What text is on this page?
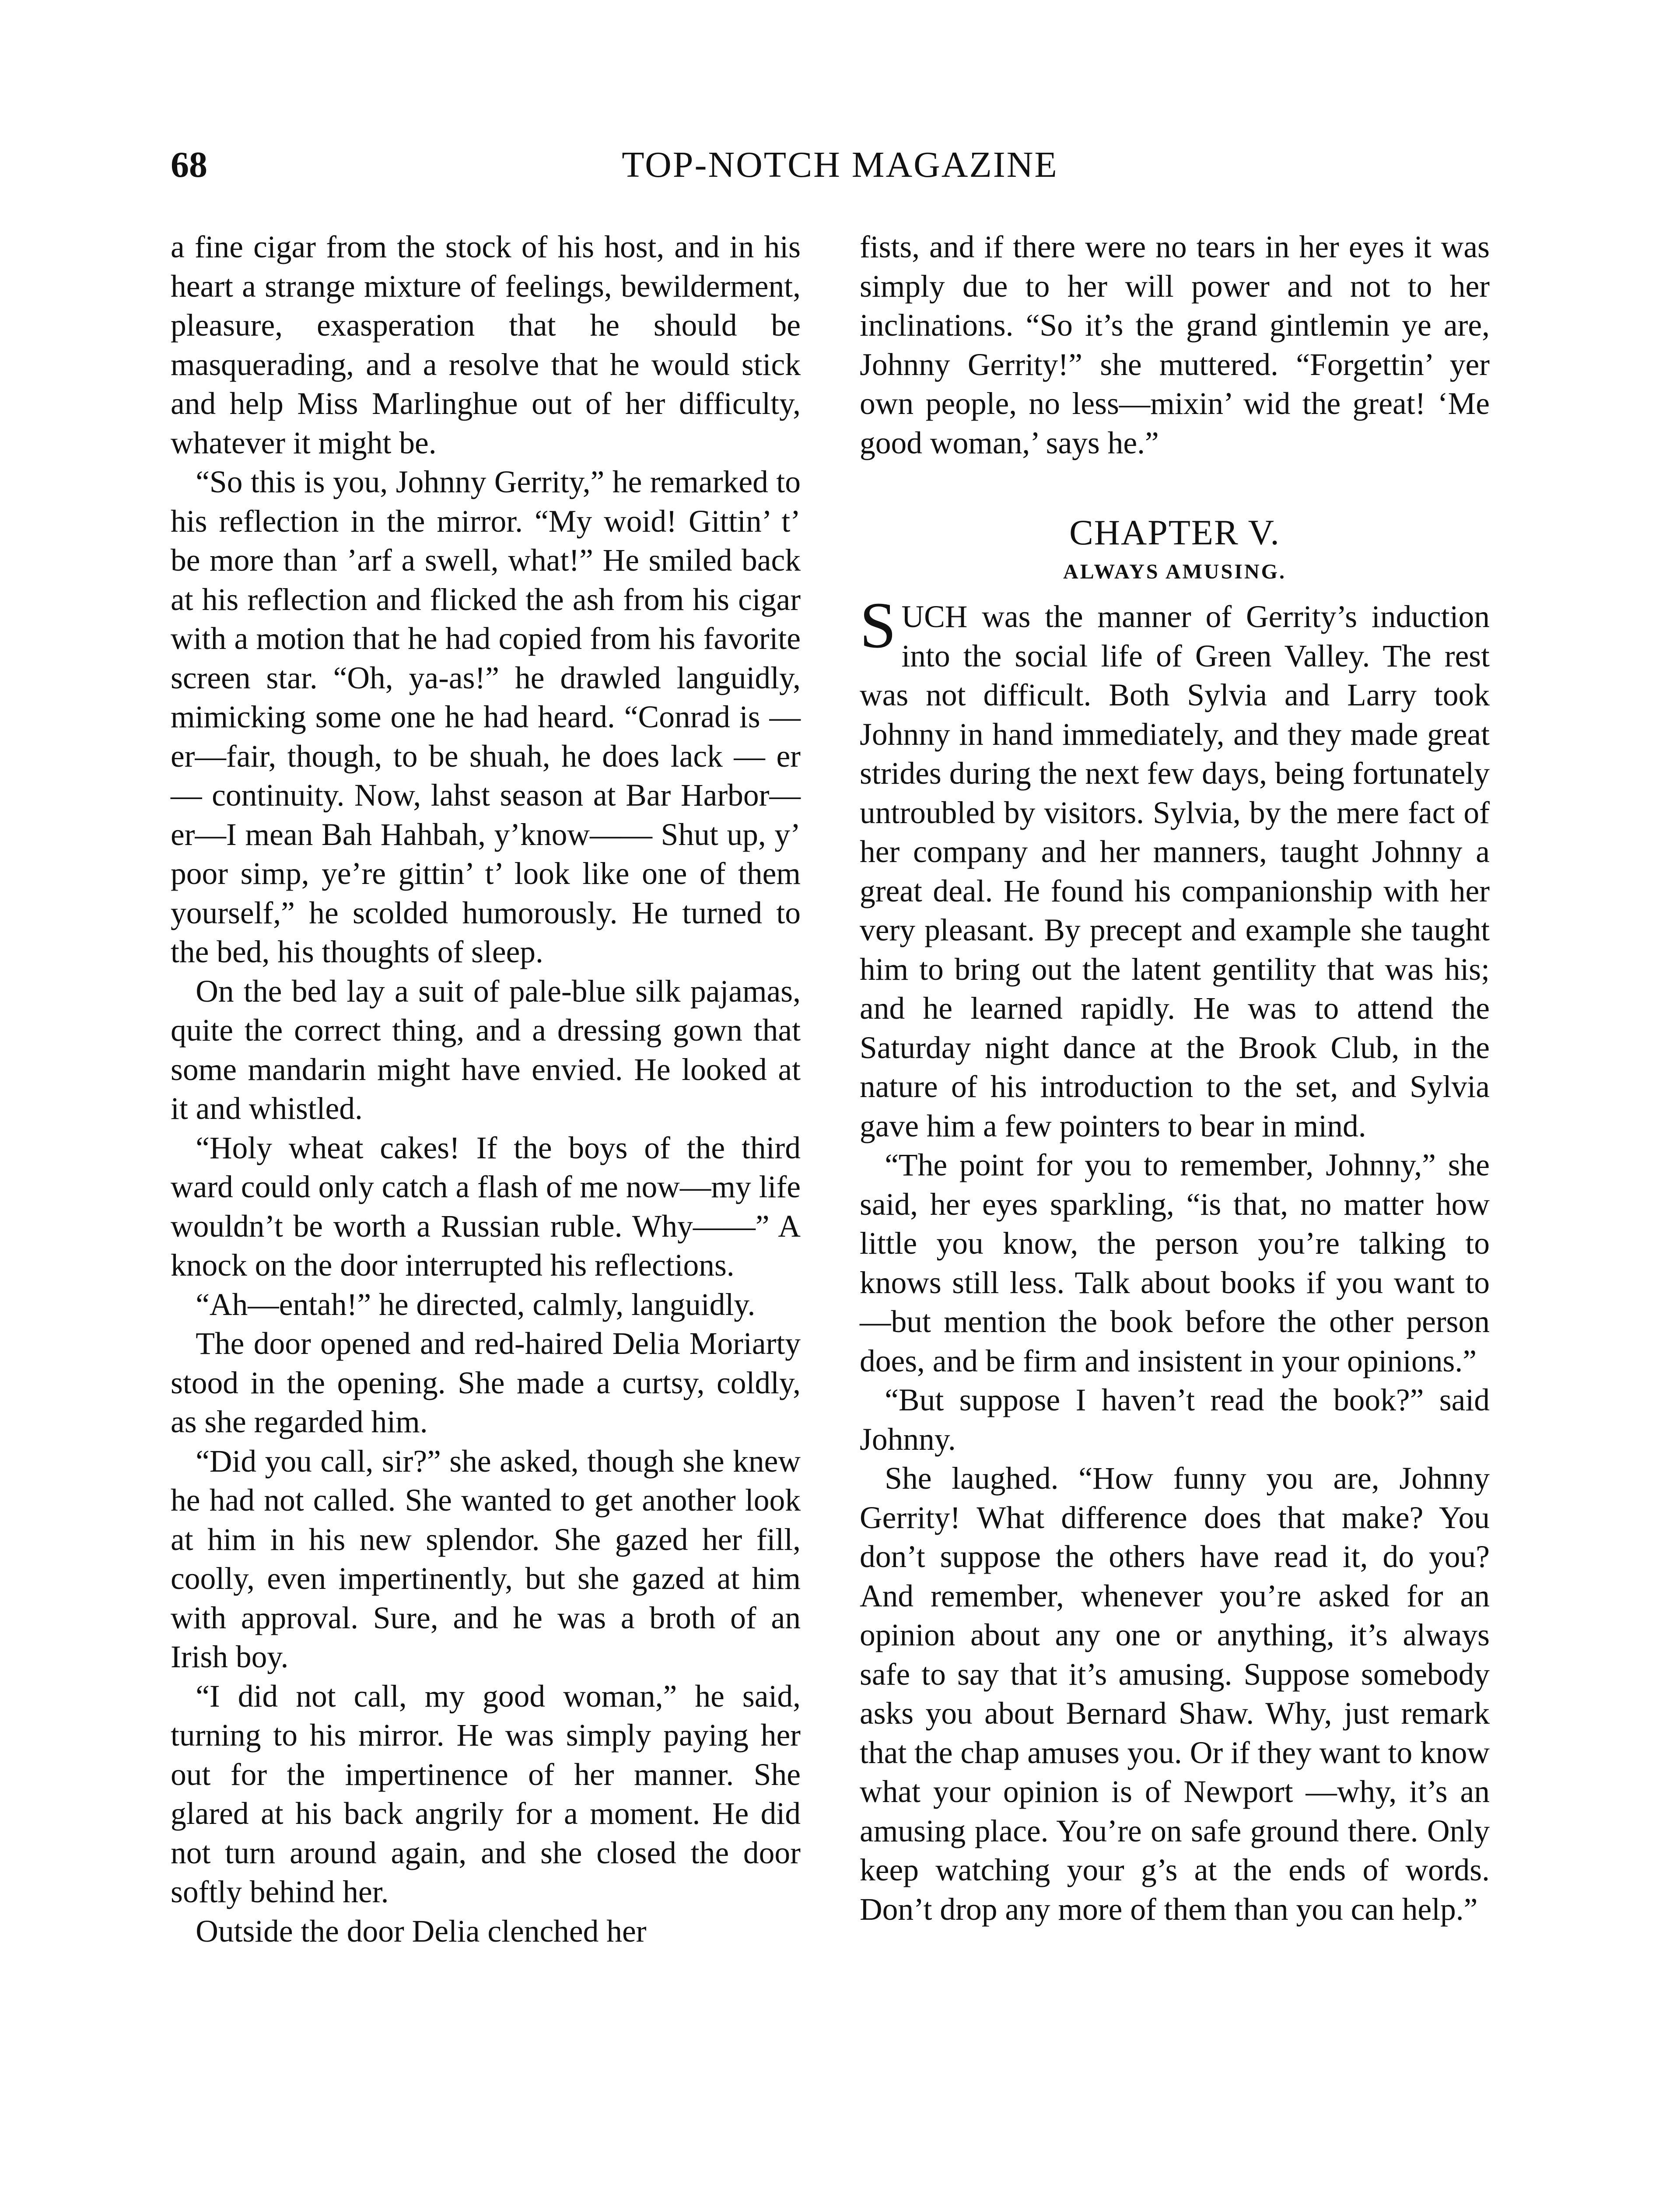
68	TOP-NOTCH MAGAZINE

a fine cigar from the stock of his host, and in his heart a strange mixture of feelings, bewilderment, pleasure, exasperation that he should be masquerading, and a resolve that he would stick and help Miss Marlinghue out of her difficulty, whatever it might be.

“So this is you, Johnny Gerrity,” he remarked to his reflection in the mirror. “My woid! Gittin’ t’ be more than ’arf a swell, what!” He smiled back at his reflection and flicked the ash from his cigar with a motion that he had copied from his favorite screen star. “Oh, ya-as!” he drawled languidly, mimicking some one he had heard. “Conrad is —er—fair, though, to be shuah, he does lack — er — continuity. Now, lahst season at Bar Harbor—er—I mean Bah Hahbah, y’know—— Shut up, y’ poor simp, ye’re gittin’ t’ look like one of them yourself,” he scolded humorously. He turned to the bed, his thoughts of sleep.

On the bed lay a suit of pale-blue silk pajamas, quite the correct thing, and a dressing gown that some mandarin might have envied. He looked at it and whistled.

“Holy wheat cakes! If the boys of the third ward could only catch a flash of me now—my life wouldn’t be worth a Russian ruble. Why——” A knock on the door interrupted his reflections.

“Ah—entah!” he directed, calmly, languidly.

The door opened and red-haired Delia Moriarty stood in the opening. She made a curtsy, coldly, as she regarded him.

“Did you call, sir?” she asked, though she knew he had not called. She wanted to get another look at him in his new splendor. She gazed her fill, coolly, even impertinently, but she gazed at him with approval. Sure, and he was a broth of an Irish boy.

“I did not call, my good woman,” he said, turning to his mirror. He was simply paying her out for the impertinence of her manner. She glared at his back angrily for a moment. He did not turn around again, and she closed the door softly behind her.

Outside the door Delia clenched her

fists, and if there were no tears in her eyes it was simply due to her will power and not to her inclinations. “So it’s the grand gintlemin ye are, Johnny Gerrity!” she muttered. “Forgettin’ yer own people, no less—mixin’ wid the great! ‘Me good woman,’ says he.”

CHAPTER V.
ALWAYS AMUSING.

SUCH was the manner of Gerrity’s induction into the social life of Green Valley. The rest was not difficult. Both Sylvia and Larry took Johnny in hand immediately, and they made great strides during the next few days, being fortunately untroubled by visitors. Sylvia, by the mere fact of her company and her manners, taught Johnny a great deal. He found his companionship with her very pleasant. By precept and example she taught him to bring out the latent gentility that was his; and he learned rapidly. He was to attend the Saturday night dance at the Brook Club, in the nature of his introduction to the set, and Sylvia gave him a few pointers to bear in mind.

“The point for you to remember, Johnny,” she said, her eyes sparkling, “is that, no matter how little you know, the person you’re talking to knows still less. Talk about books if you want to —but mention the book before the other person does, and be firm and insistent in your opinions.”

“But suppose I haven’t read the book?” said Johnny.

She laughed. “How funny you are, Johnny Gerrity! What difference does that make? You don’t suppose the others have read it, do you? And remember, whenever you’re asked for an opinion about any one or anything, it’s always safe to say that it’s amusing. Suppose somebody asks you about Bernard Shaw. Why, just remark that the chap amuses you. Or if they want to know what your opinion is of Newport —why, it’s an amusing place. You’re on safe ground there. Only keep watching your g’s at the ends of words. Don’t drop any more of them than you can help.”
